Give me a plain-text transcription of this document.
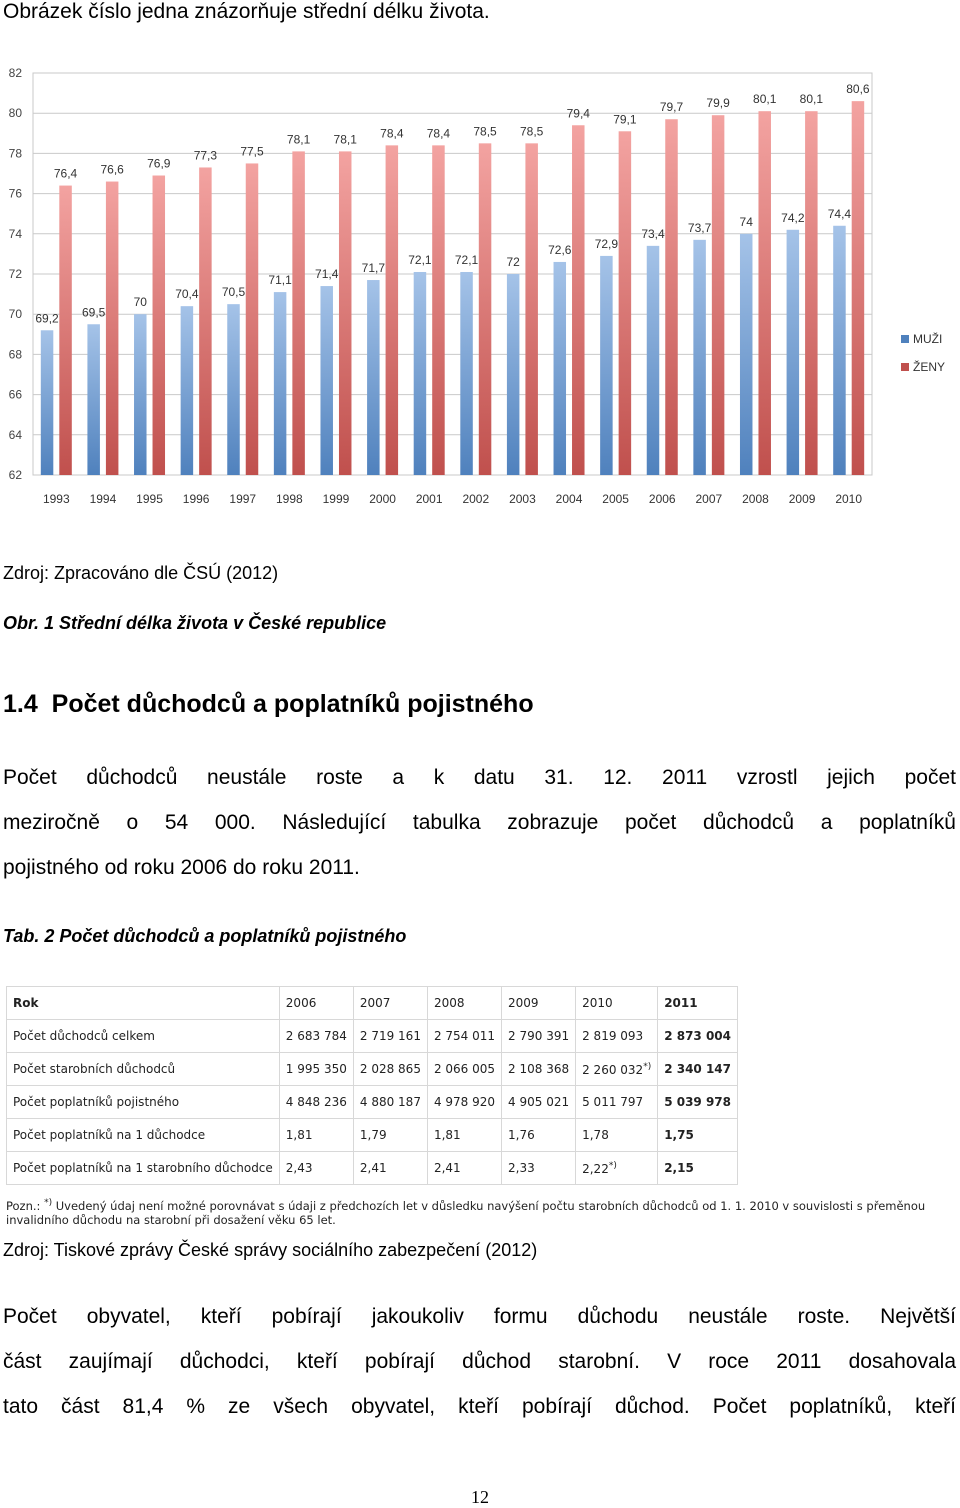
Obrázek číslo jedna znázorňuje střední délku života.
62
64
66
68
70
72
74
76
78
80
82
69,2 69,5
70
70,4 70,5
71,1 71,4 71,7
72,1 72,1 72
72,6 72,9
73,4 73,7 74 74,2 74,4
76,4 76,6 76,9
77,3 77,5
78,1 78,1 78,4 78,4 78,5 78,5
79,4 79,1
79,7 79,9 80,1 80,1
80,6
1993 1994 1995 1996 1997 1998 1999 2000 2001 2002 2003 2004 2005 2006 2007 2008 2009 2010
MUŽI
ŽENY
Zdroj: Zpracováno dle ČSÚ (2012)
Obr. 1 Střední délka života v České republice
1.4  Počet důchodců a poplatníků pojistného
Počet důchodců neustále roste a k datu 31. 12. 2011 vzrostl jejich počet
meziročně o 54 000. Následující tabulka zobrazuje počet důchodců a poplatníků
pojistného od roku 2006 do roku 2011.
Tab. 2 Počet důchodců a poplatníků pojistného
Rok	2006	2007	2008	2009	2010	2011
Počet důchodců celkem	2 683 784	2 719 161	2 754 011	2 790 391	2 819 093	2 873 004
Počet starobních důchodců	1 995 350	2 028 865	2 066 005	2 108 368	2 260 032*)	2 340 147
Počet poplatníků pojistného	4 848 236	4 880 187	4 978 920	4 905 021	5 011 797	5 039 978
Počet poplatníků na 1 důchodce	1,81	1,79	1,81	1,76	1,78	1,75
Počet poplatníků na 1 starobního důchodce	2,43	2,41	2,41	2,33	2,22*)	2,15
Pozn.: *) Uvedený údaj není možné porovnávat s údaji z předchozích let v důsledku navýšení počtu starobních důchodců od 1. 1. 2010 v souvislosti s přeměnou invalidního důchodu na starobní při dosažení věku 65 let.
Zdroj: Tiskové zprávy České správy sociálního zabezpečení (2012)
Počet obyvatel, kteří pobírají jakoukoliv formu důchodu neustále roste. Největší
část zaujímají důchodci, kteří pobírají důchod starobní. V roce 2011 dosahovala
tato část 81,4 % ze všech obyvatel, kteří pobírají důchod. Počet poplatníků, kteří
12
